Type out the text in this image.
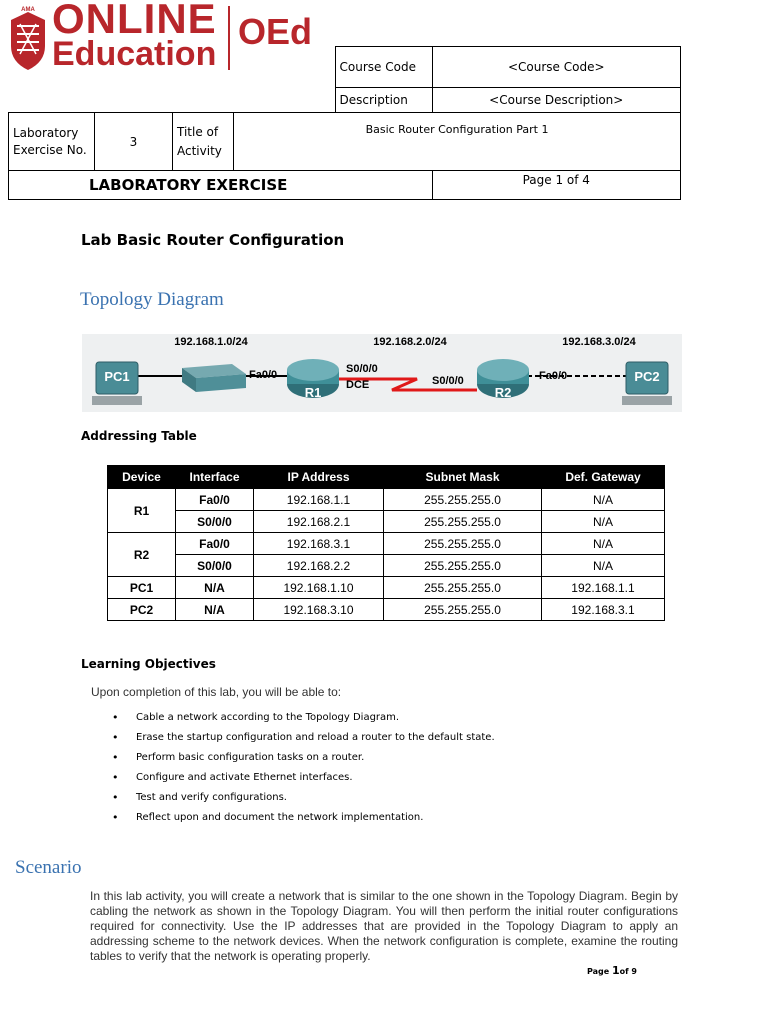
AMA ONLINE
Education
OEd
				Course Code	<Course Code>
				Description	<Course Description>
Laboratory Exercise No.	3	Title of Activity	Basic Router Configuration Part 1		
LABORATORY EXERCISE					Page 1 of 4
Lab Basic Router Configuration
Topology Diagram
192.168.1.0/24	192.168.2.0/24	192.168.3.0/24
PC1
R1	R2
PC2
Fa0/0	S0/0/0
DCE	S0/0/0	Fa0/0
Addressing Table
Device	Interface	IP Address	Subnet Mask	Def. Gateway
R1	Fa0/0	192.168.1.1	255.255.255.0	N/A
	S0/0/0	192.168.2.1	255.255.255.0	N/A
R2	Fa0/0	192.168.3.1	255.255.255.0	N/A
	S0/0/0	192.168.2.2	255.255.255.0	N/A
PC1	N/A	192.168.1.10	255.255.255.0	192.168.1.1
PC2	N/A	192.168.3.10	255.255.255.0	192.168.3.1
Learning Objectives
Upon completion of this lab, you will be able to:
• Cable a network according to the Topology Diagram.
• Erase the startup configuration and reload a router to the default state.
• Perform basic configuration tasks on a router.
• Configure and activate Ethernet interfaces.
• Test and verify configurations.
• Reflect upon and document the network implementation.
Scenario
In this lab activity, you will create a network that is similar to the one shown in the Topology Diagram. Begin by cabling the network as shown in the Topology Diagram. You will then perform the initial router configurations required for connectivity. Use the IP addresses that are provided in the Topology Diagram to apply an addressing scheme to the network devices. When the network configuration is complete, examine the routing tables to verify that the network is operating properly.
Page 1of 9
